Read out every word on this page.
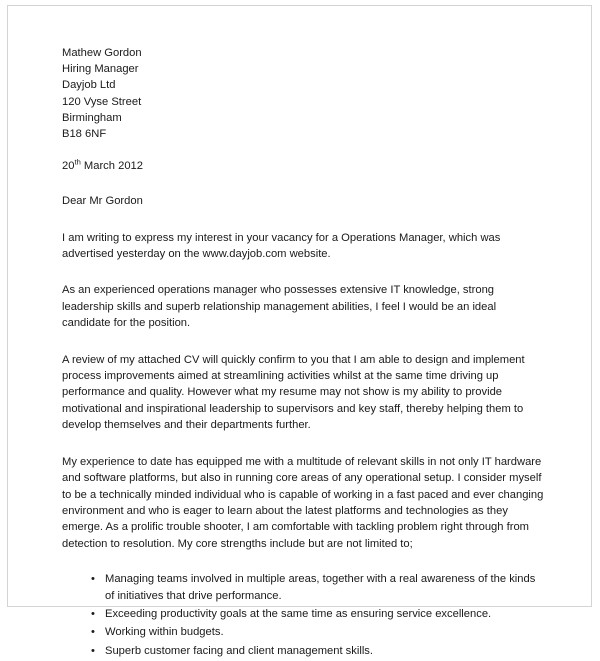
Mathew Gordon
Hiring Manager
Dayjob Ltd
120 Vyse Street
Birmingham
B18 6NF
20th March 2012
Dear Mr Gordon

I am writing to express my interest in your vacancy for a Operations Manager, which was advertised yesterday on the www.dayjob.com website.

As an experienced operations manager who possesses extensive IT knowledge, strong leadership skills and superb relationship management abilities, I feel I would be an ideal candidate for the position.

A review of my attached CV will quickly confirm to you that I am able to design and implement process improvements aimed at streamlining activities whilst at the same time driving up performance and quality. However what my resume may not show is my ability to provide motivational and inspirational leadership to supervisors and key staff, thereby helping them to develop themselves and their departments further.

My experience to date has equipped me with a multitude of relevant skills in not only IT hardware and software platforms, but also in running core areas of any operational setup. I consider myself to be a technically minded individual who is capable of working in a fast paced and ever changing environment and who is eager to learn about the latest platforms and technologies as they emerge. As a prolific trouble shooter, I am comfortable with tackling problem right through from detection to resolution. My core strengths include but are not limited to;

• Managing teams involved in multiple areas, together with a real awareness of the kinds of initiatives that drive performance.
• Exceeding productivity goals at the same time as ensuring service excellence.
• Working within budgets.
• Superb customer facing and client management skills.
